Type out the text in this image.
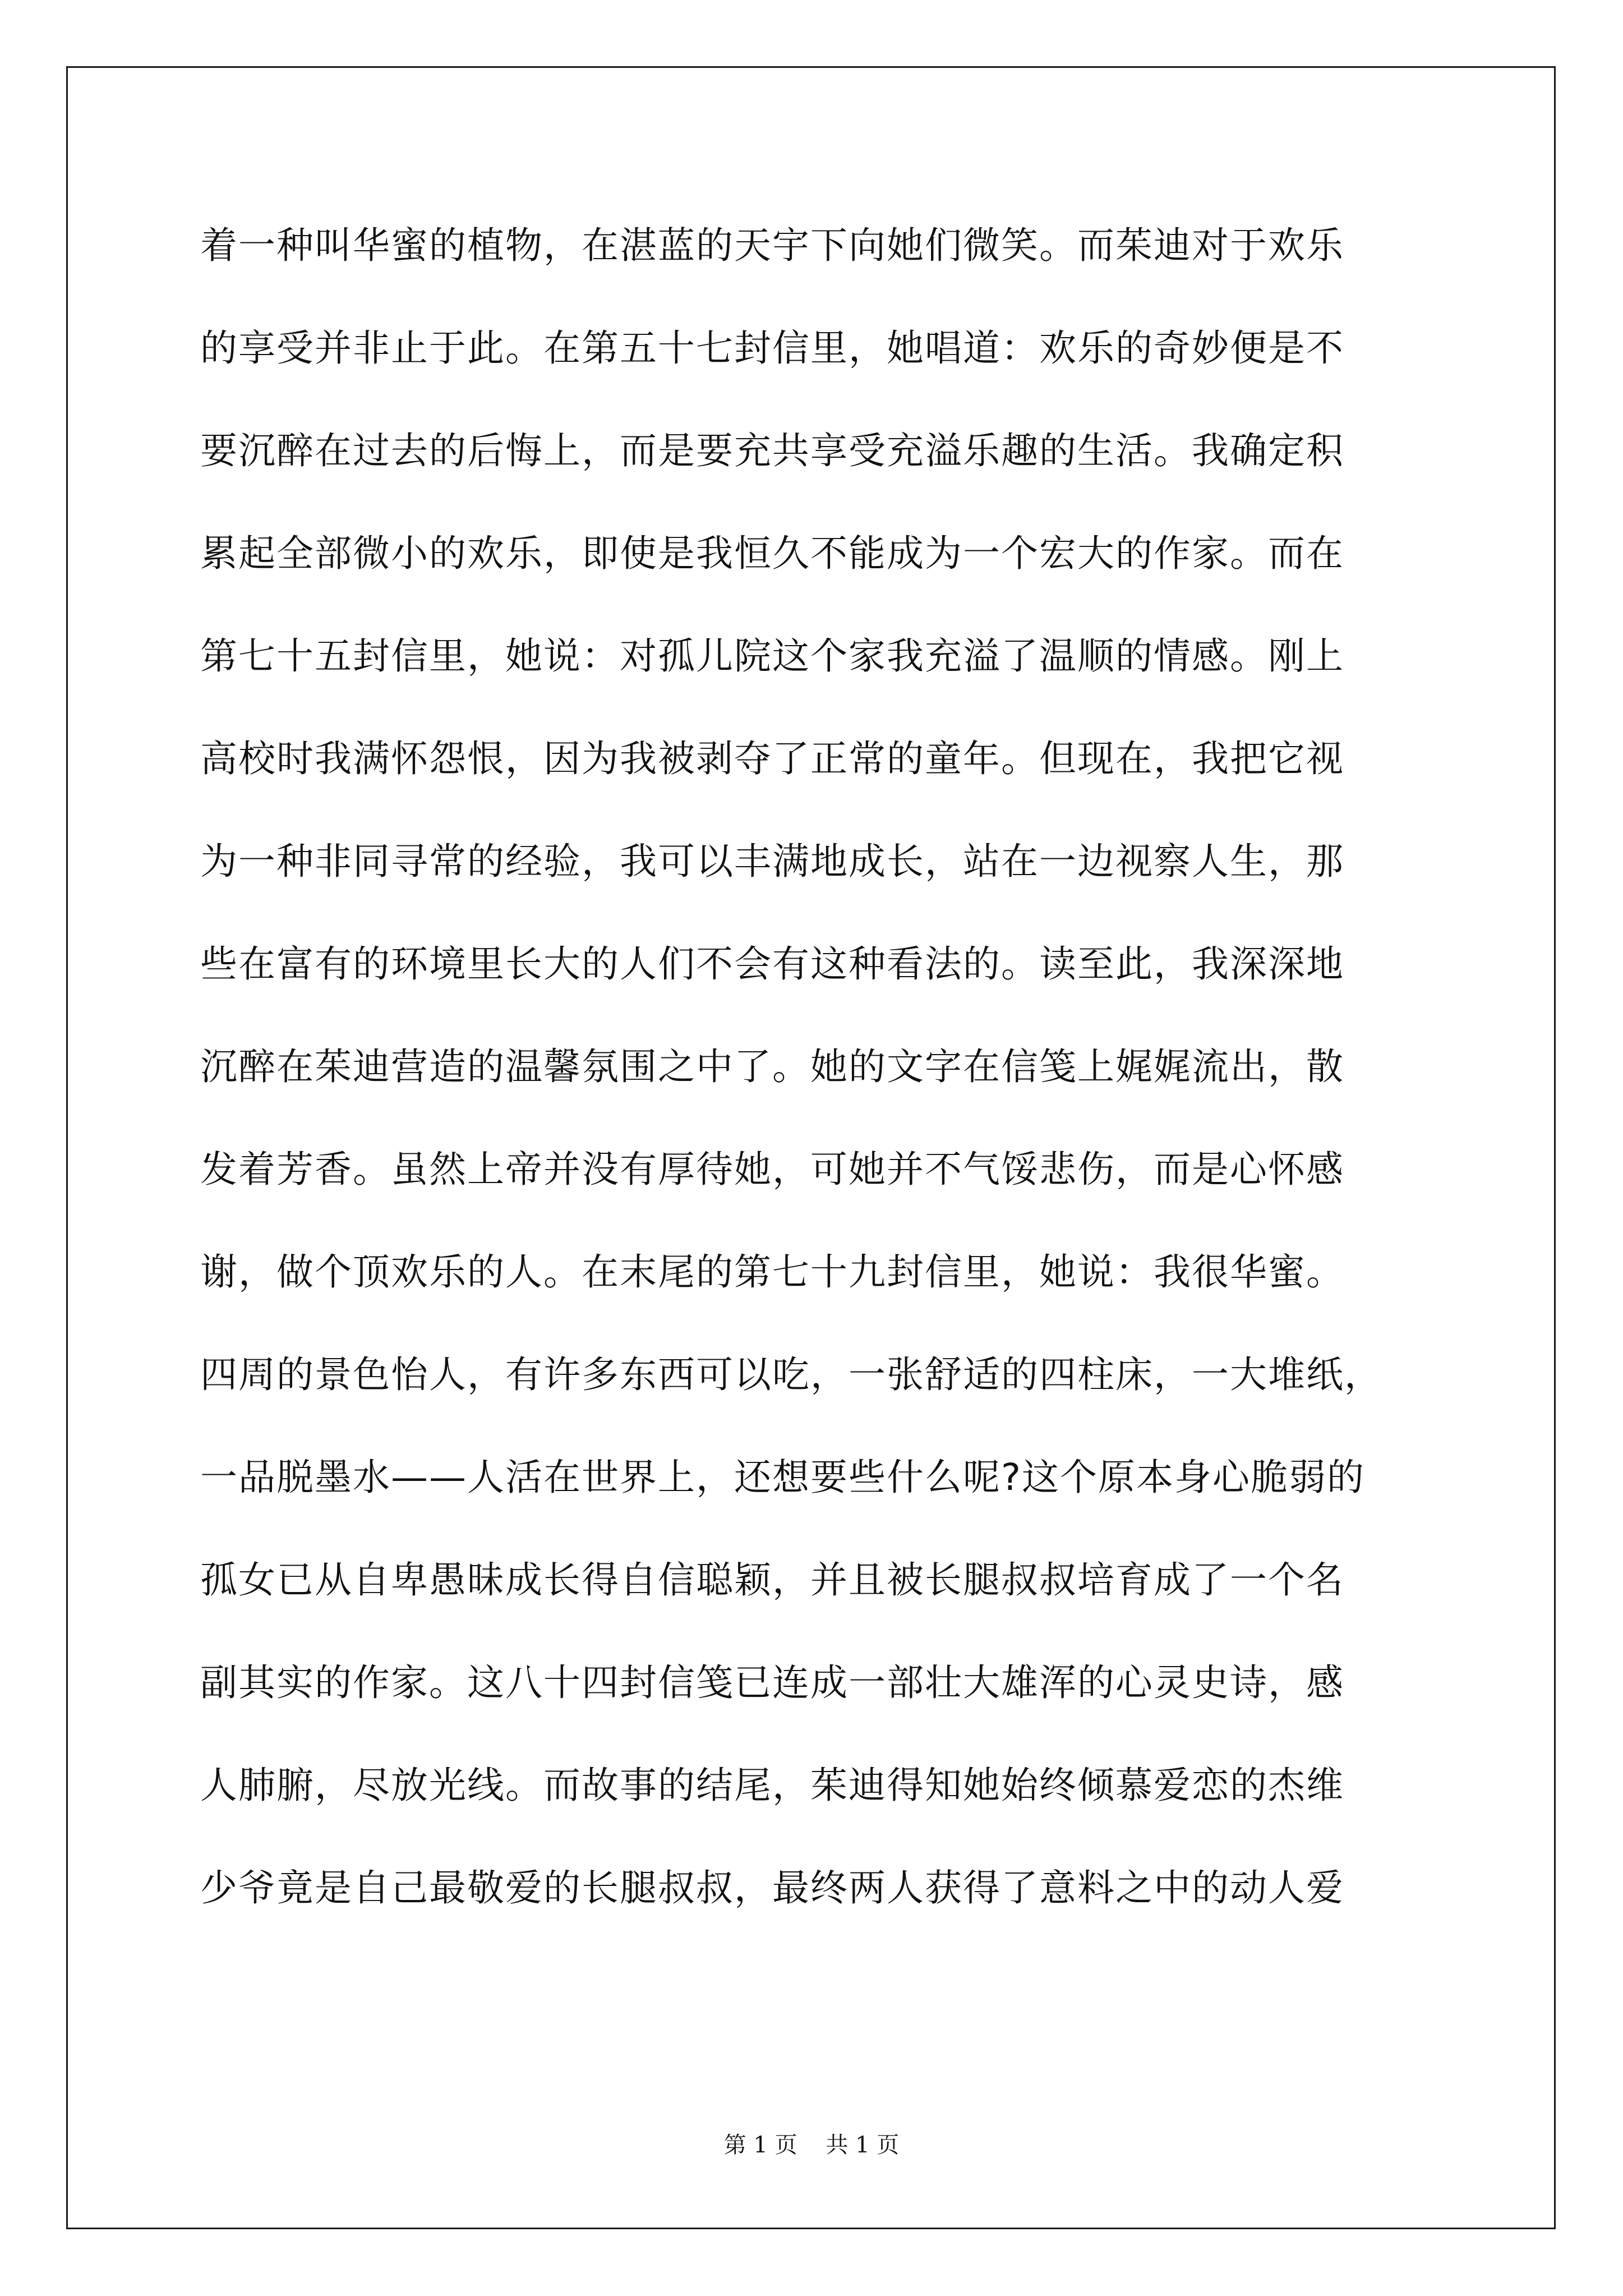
着一种叫华蜜的植物，在湛蓝的天宇下向她们微笑。而茱迪对于欢乐
的享受并非止于此。在第五十七封信里，她唱道：欢乐的奇妙便是不
要沉醉在过去的后悔上，而是要充共享受充溢乐趣的生活。我确定积
累起全部微小的欢乐，即使是我恒久不能成为一个宏大的作家。而在
第七十五封信里，她说：对孤儿院这个家我充溢了温顺的情感。刚上
高校时我满怀怨恨，因为我被剥夺了正常的童年。但现在，我把它视
为一种非同寻常的经验，我可以丰满地成长，站在一边视察人生，那
些在富有的环境里长大的人们不会有这种看法的。读至此，我深深地
沉醉在茱迪营造的温馨氛围之中了。她的文字在信笺上娓娓流出，散
发着芳香。虽然上帝并没有厚待她，可她并不气馁悲伤，而是心怀感
谢，做个顶欢乐的人。在末尾的第七十九封信里，她说：我很华蜜。
四周的景色怡人，有许多东西可以吃，一张舒适的四柱床，一大堆纸，
一品脱墨水——人活在世界上，还想要些什么呢?这个原本身心脆弱的
孤女已从自卑愚昧成长得自信聪颖，并且被长腿叔叔培育成了一个名
副其实的作家。这八十四封信笺已连成一部壮大雄浑的心灵史诗，感
人肺腑，尽放光线。而故事的结尾，茱迪得知她始终倾慕爱恋的杰维
少爷竟是自己最敬爱的长腿叔叔，最终两人获得了意料之中的动人爱
第 1 页    共 1 页
